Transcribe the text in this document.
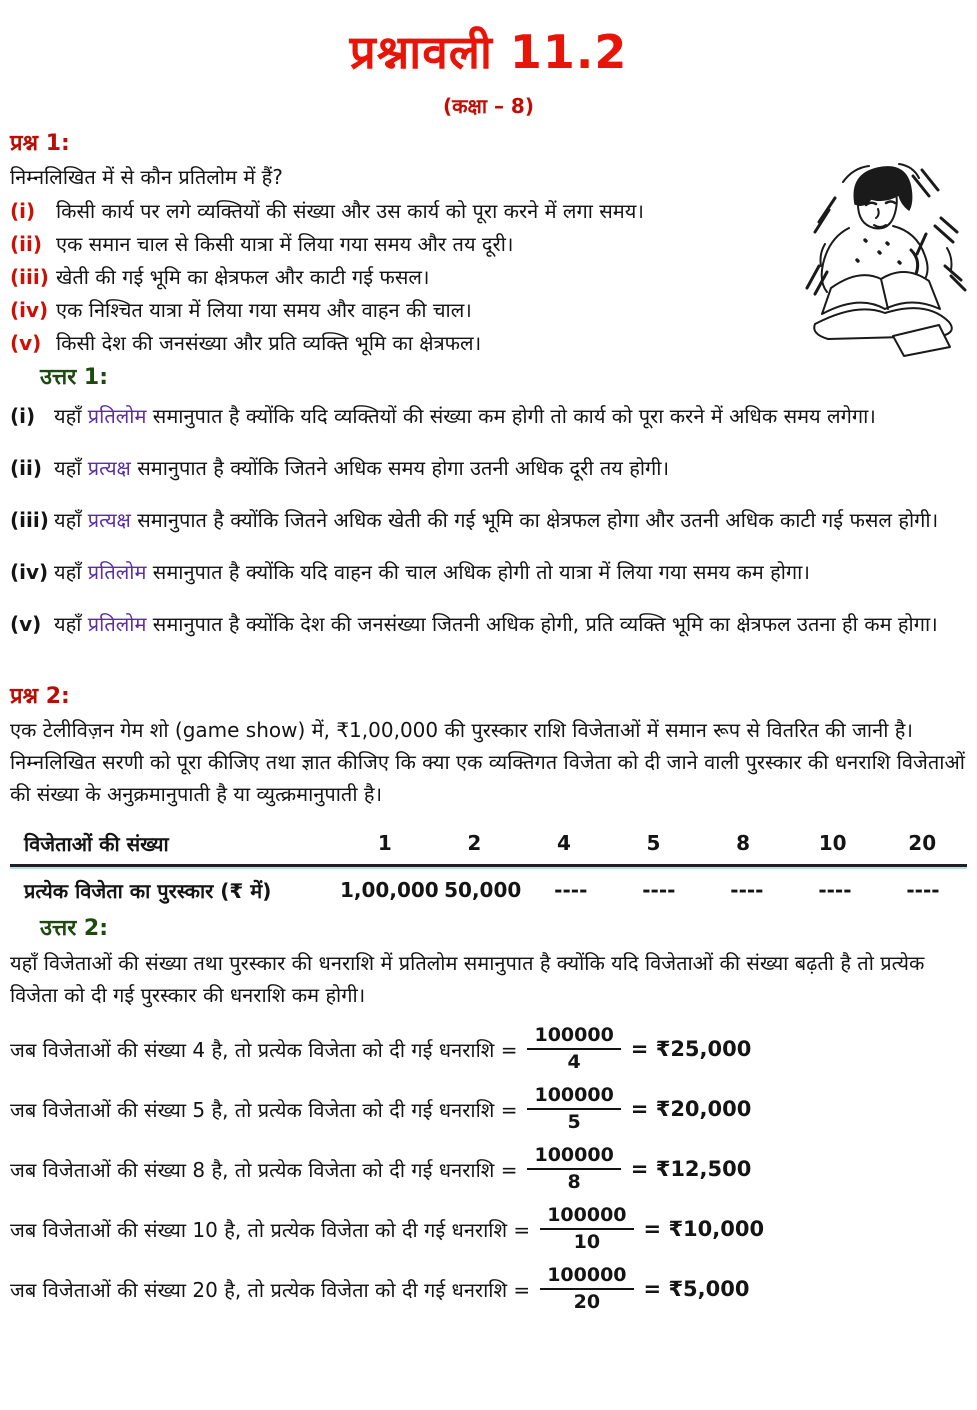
प्रश्नावली 11.2
(कक्षा – 8)
प्रश्न 1:
निम्नलिखित में से कौन प्रतिलोम में हैं?
(i)	किसी कार्य पर लगे व्यक्तियों की संख्या और उस कार्य को पूरा करने में लगा समय।
(ii) एक समान चाल से किसी यात्रा में लिया गया समय और तय दूरी।
(iii) खेती की गई भूमि का क्षेत्रफल और काटी गई फसल।
(iv) एक निश्चित यात्रा में लिया गया समय और वाहन की चाल।
(v) किसी देश की जनसंख्या और प्रति व्यक्ति भूमि का क्षेत्रफल।
उत्तर 1:
(i) यहाँ प्रतिलोम समानुपात है क्योंकि यदि व्यक्तियों की संख्या कम होगी तो कार्य को पूरा करने में अधिक समय लगेगा।
(ii) यहाँ प्रत्यक्ष समानुपात है क्योंकि जितने अधिक समय होगा उतनी अधिक दूरी तय होगी।
(iii) यहाँ प्रत्यक्ष समानुपात है क्योंकि जितने अधिक खेती की गई भूमि का क्षेत्रफल होगा और उतनी अधिक काटी गई फसल होगी।
(iv) यहाँ प्रतिलोम समानुपात है क्योंकि यदि वाहन की चाल अधिक होगी तो यात्रा में लिया गया समय कम होगा।
(v) यहाँ प्रतिलोम समानुपात है क्योंकि देश की जनसंख्या जितनी अधिक होगी, प्रति व्यक्ति भूमि का क्षेत्रफल उतना ही कम होगा।
प्रश्न 2:
एक टेलीविज़न गेम शो (game show) में, ₹1,00,000 की पुरस्कार राशि विजेताओं में समान रूप से वितरित की जानी है। निम्नलिखित सरणी को पूरा कीजिए तथा ज्ञात कीजिए कि क्या एक व्यक्तिगत विजेता को दी जाने वाली पुरस्कार की धनराशि विजेताओं की संख्या के अनुक्रमानुपाती है या व्युत्क्रमानुपाती है।
विजेताओं की संख्या	1	2	4	5	8	10	20
प्रत्येक विजेता का पुरस्कार (₹ में)	1,00,000 50,000	----	----	----	----	----
उत्तर 2:
यहाँ विजेताओं की संख्या तथा पुरस्कार की धनराशि में प्रतिलोम समानुपात है क्योंकि यदि विजेताओं की संख्या बढ़ती है तो प्रत्येक विजेता को दी गई पुरस्कार की धनराशि कम होगी।
जब विजेताओं की संख्या 4 है, तो प्रत्येक विजेता को दी गई धनराशि = $\frac{100000}{4}$ = ₹25,000
जब विजेताओं की संख्या 5 है, तो प्रत्येक विजेता को दी गई धनराशि = $\frac{100000}{5}$ = ₹20,000
जब विजेताओं की संख्या 8 है, तो प्रत्येक विजेता को दी गई धनराशि = $\frac{100000}{8}$ = ₹12,500
जब विजेताओं की संख्या 10 है, तो प्रत्येक विजेता को दी गई धनराशि = $\frac{100000}{10}$ = ₹10,000
जब विजेताओं की संख्या 20 है, तो प्रत्येक विजेता को दी गई धनराशि = $\frac{100000}{20}$ = ₹5,000
